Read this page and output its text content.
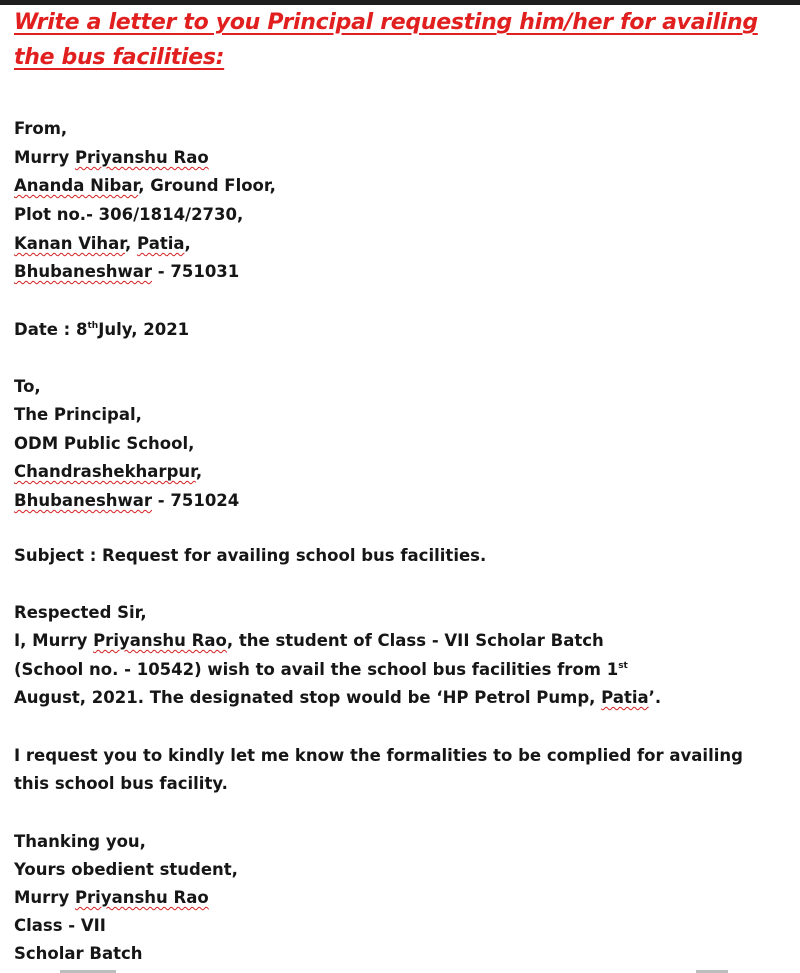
Write a letter to you Principal requesting him/her for availing
the bus facilities:
From,
Murry Priyanshu Rao
Ananda Nibar, Ground Floor,
Plot no.- 306/1814/2730,
Kanan Vihar, Patia,
Bhubaneshwar - 751031
Date : 8thJuly, 2021
To,
The Principal,
ODM Public School,
Chandrashekharpur,
Bhubaneshwar - 751024
Subject : Request for availing school bus facilities.
Respected Sir,
I, Murry Priyanshu Rao, the student of Class - VII Scholar Batch
(School no. - 10542) wish to avail the school bus facilities from 1st
August, 2021. The designated stop would be ‘HP Petrol Pump, Patia’.
I request you to kindly let me know the formalities to be complied for availing
this school bus facility.
Thanking you,
Yours obedient student,
Murry Priyanshu Rao
Class - VII
Scholar Batch
